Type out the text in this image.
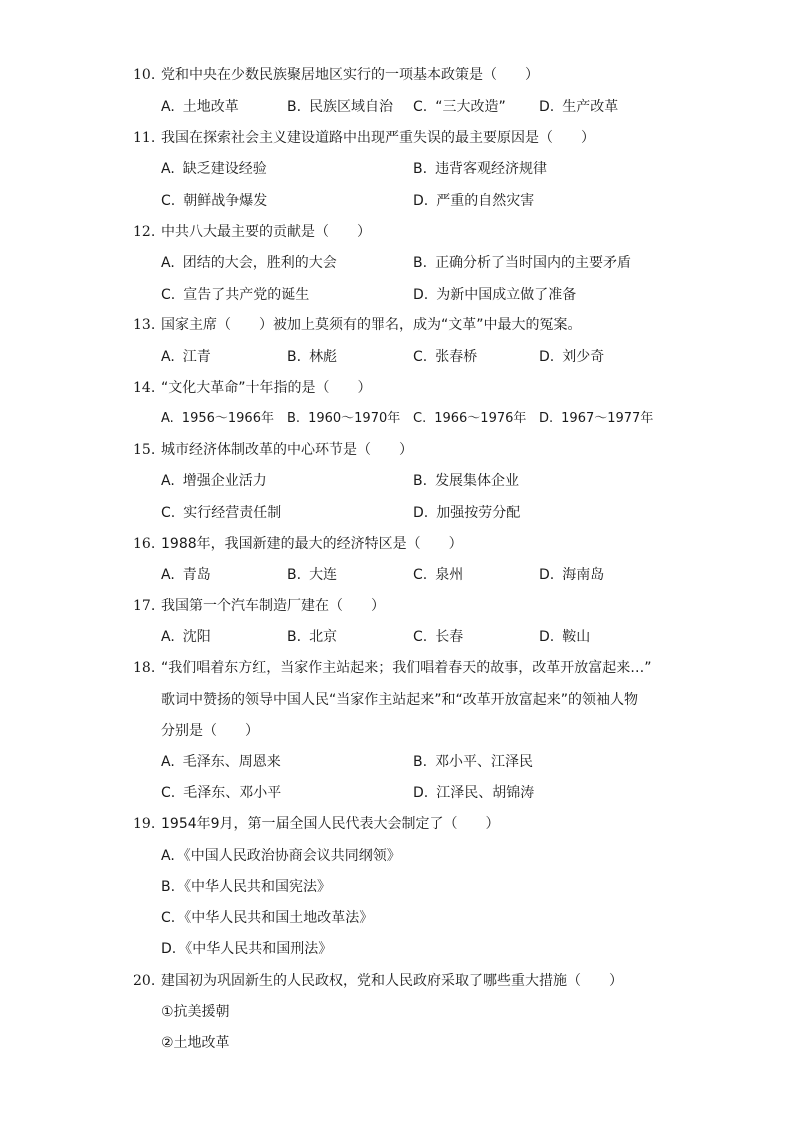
10. 党和中央在少数民族聚居地区实行的一项基本政策是（　　）
A. 土地改革	B. 民族区域自治 C. “三大改造” D. 生产改革
11. 我国在探索社会主义建设道路中出现严重失误的最主要原因是（　　）
A. 缺乏建设经验	B. 违背客观经济规律
C. 朝鲜战争爆发	D. 严重的自然灾害
12. 中共八大最主要的贡献是（　　）
A. 团结的大会，胜利的大会	B. 正确分析了当时国内的主要矛盾
C. 宣告了共产党的诞生	D. 为新中国成立做了准备
13. 国家主席（　　）被加上莫须有的罪名，成为“文革”中最大的冤案。
A. 江青	B. 林彪	C. 张春桥	D. 刘少奇
14. “文化大革命”十年指的是（　　）
A. 1956～1966年 B. 1960～1970年 C. 1966～1976年 D. 1967～1977年
15. 城市经济体制改革的中心环节是（　　）
A. 增强企业活力	B. 发展集体企业
C. 实行经营责任制	D. 加强按劳分配
16. 1988年，我国新建的最大的经济特区是（　　）
A. 青岛	B. 大连	C. 泉州	D. 海南岛
17. 我国第一个汽车制造厂建在（　　）
A. 沈阳	B. 北京	C. 长春	D. 鞍山
18. “我们唱着东方红，当家作主站起来；我们唱着春天的故事，改革开放富起来…”
歌词中赞扬的领导中国人民“当家作主站起来”和“改革开放富起来”的领袖人物
分别是（　　）
A. 毛泽东、周恩来	B. 邓小平、江泽民
C. 毛泽东、邓小平	D. 江泽民、胡锦涛
19. 1954年9月，第一届全国人民代表大会制定了（　　）
A. 《中国人民政治协商会议共同纲领》
B. 《中华人民共和国宪法》
C. 《中华人民共和国土地改革法》
D. 《中华人民共和国刑法》
20. 建国初为巩固新生的人民政权，党和人民政府采取了哪些重大措施（　　）
①抗美援朝
②土地改革
